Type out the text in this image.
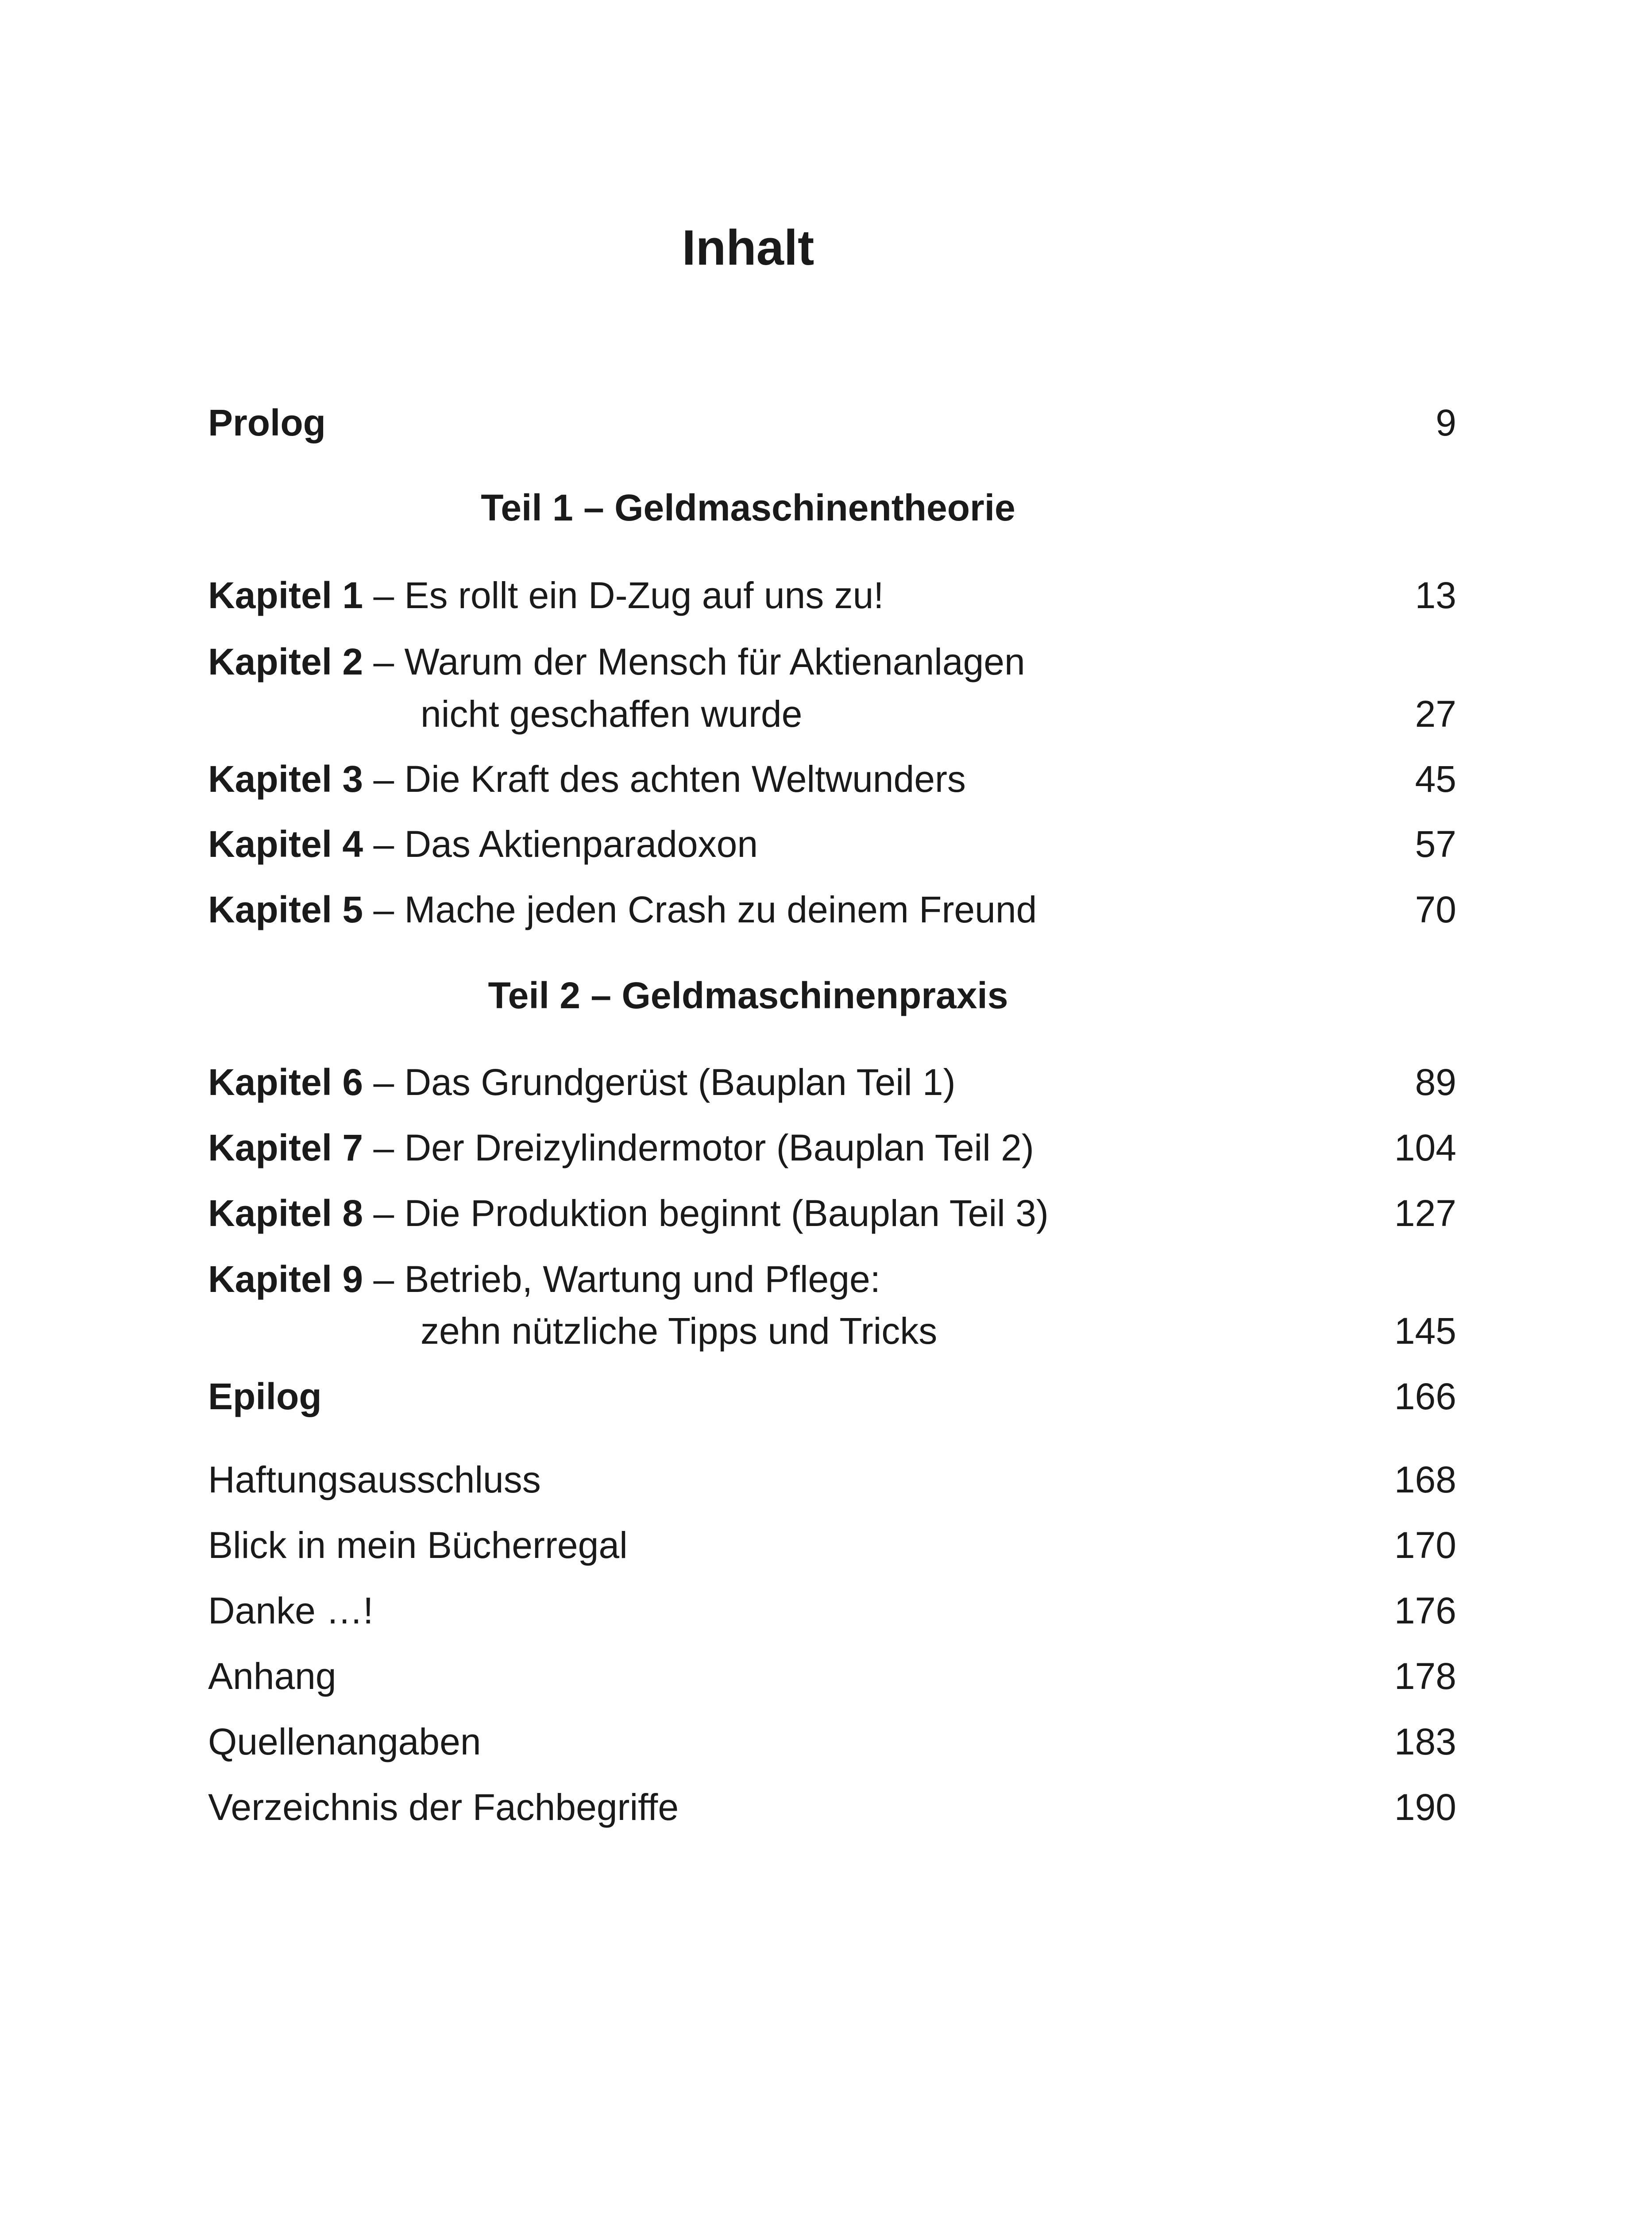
Inhalt
Prolog	9
Teil 1 – Geldmaschinentheorie
Kapitel 1 – Es rollt ein D-Zug auf uns zu!	13
Kapitel 2 – Warum der Mensch für Aktienanlagen
nicht geschaffen wurde	27
Kapitel 3 – Die Kraft des achten Weltwunders	45
Kapitel 4 – Das Aktienparadoxon	57
Kapitel 5 – Mache jeden Crash zu deinem Freund	70
Teil 2 – Geldmaschinenpraxis
Kapitel 6 – Das Grundgerüst (Bauplan Teil 1)	89
Kapitel 7 – Der Dreizylindermotor (Bauplan Teil 2)	104
Kapitel 8 – Die Produktion beginnt (Bauplan Teil 3)	127
Kapitel 9 – Betrieb, Wartung und Pflege:
zehn nützliche Tipps und Tricks	145
Epilog	166
Haftungsausschluss	168
Blick in mein Bücherregal	170
Danke …!	176
Anhang	178
Quellenangaben	183
Verzeichnis der Fachbegriffe	190
